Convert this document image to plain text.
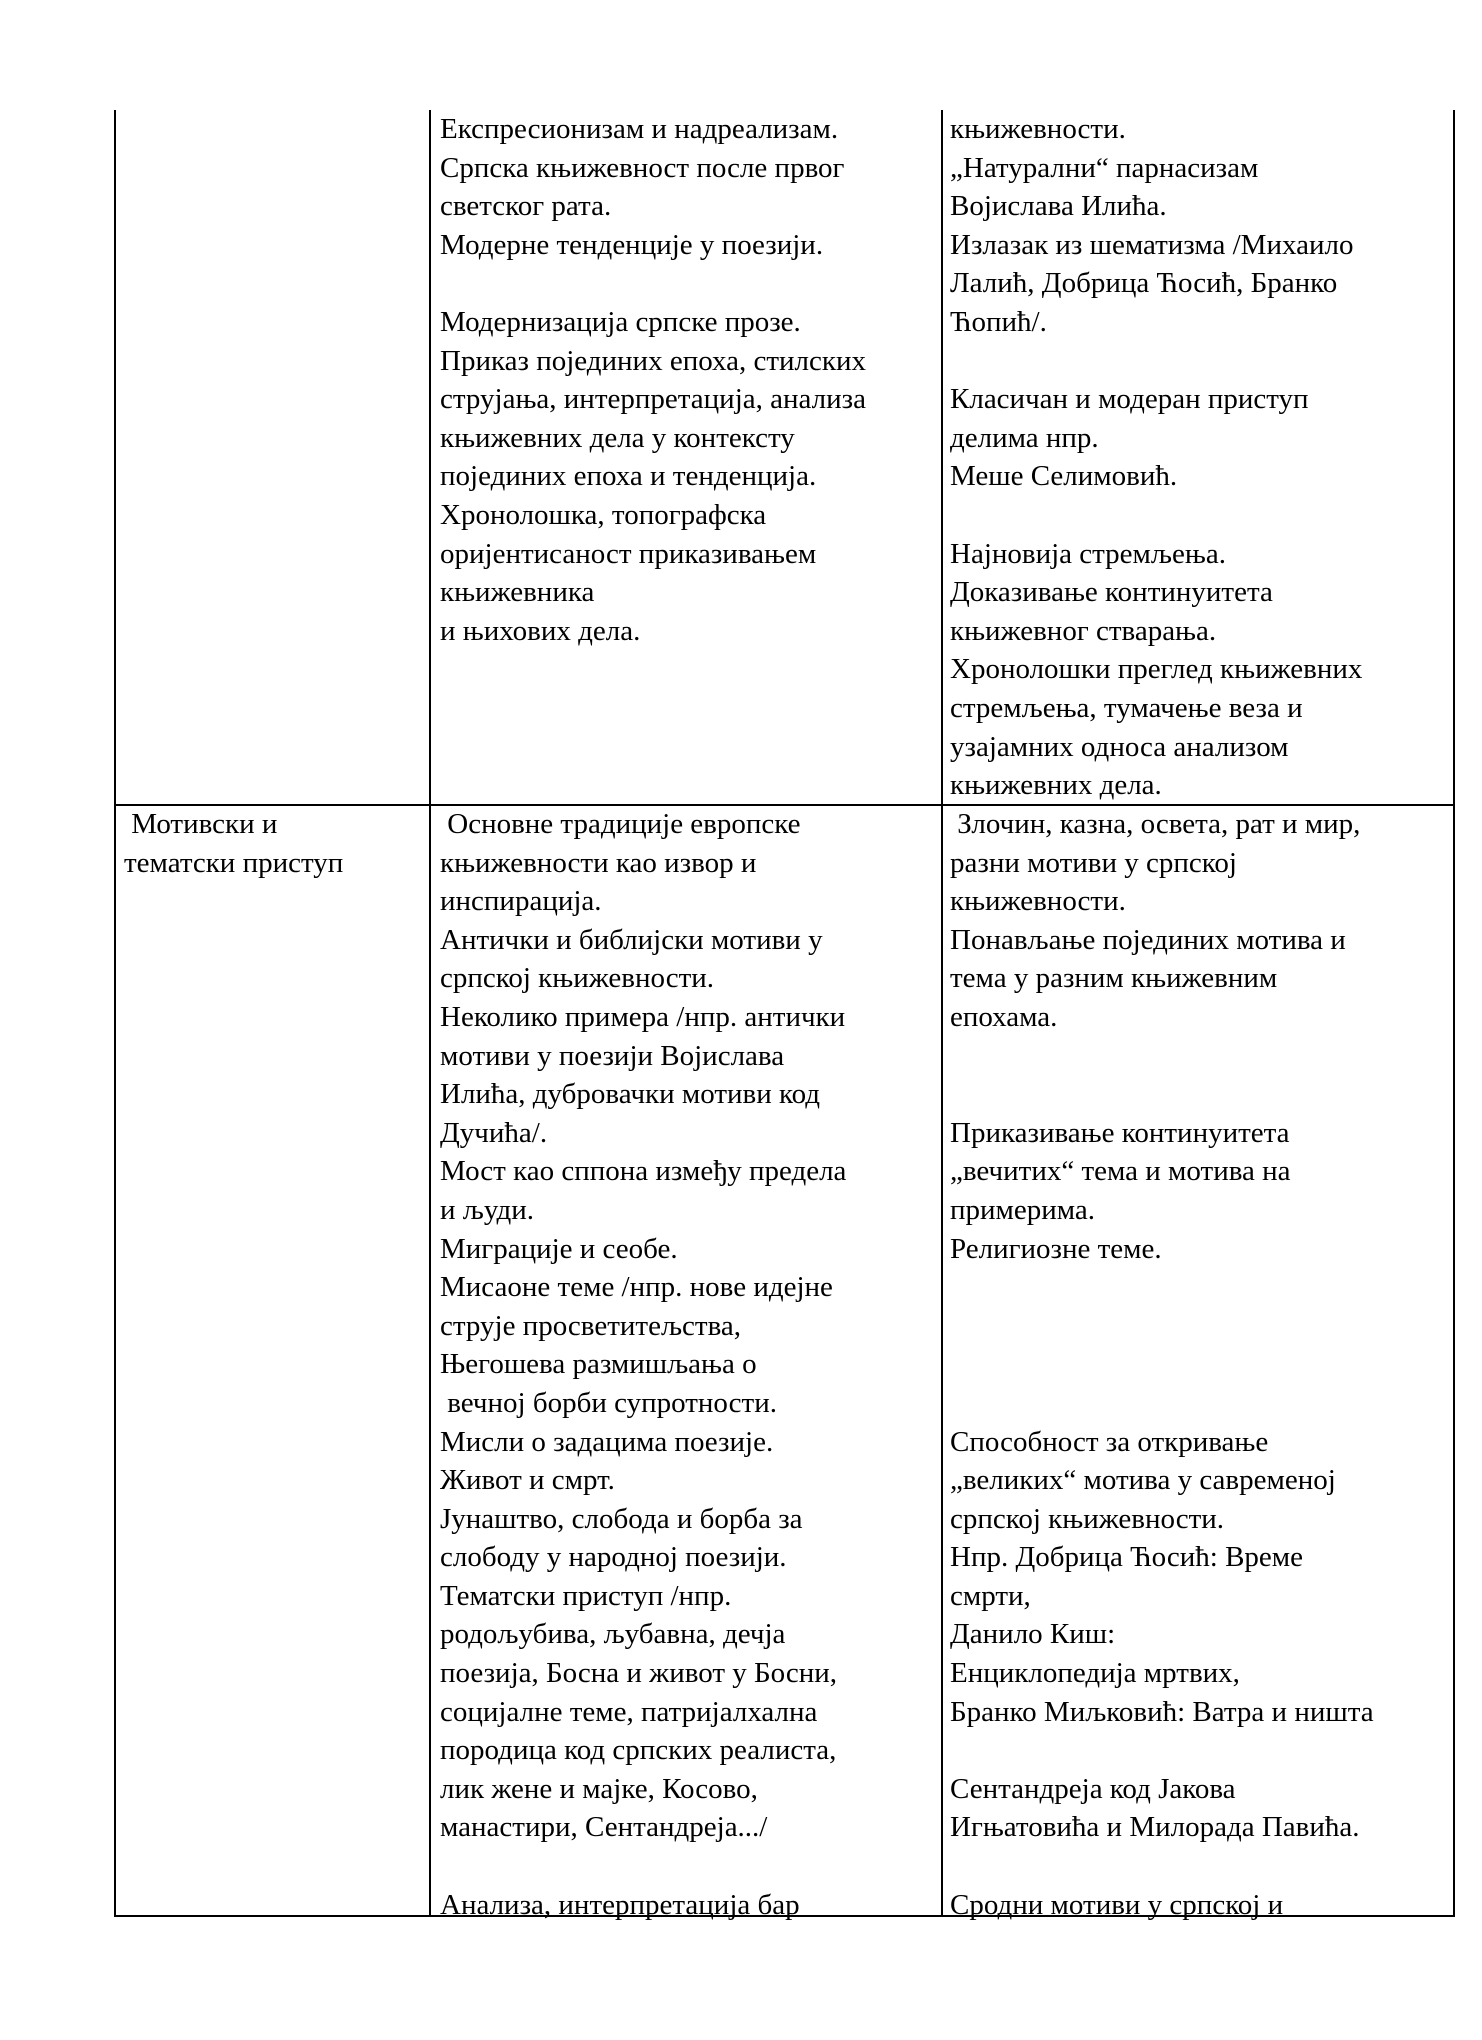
Експресионизам и надреализам.
Српска књижевност после првог
светског рата.
Модерне тенденције у поезији.
Модернизација српске прозе.
Приказ појединих епоха, стилских
струјања, интерпретација, анализа
књижевних дела у контексту
појединих епоха и тенденција.
Хронолошка, топографска
оријентисаност приказивањем
књижевника
и њихових дела.
књижевности.
„Натурални“ парнасизам
Војислава Илића.
Излазак из шематизма /Михаило
Лалић, Добрица Ћосић, Бранко
Ћопић/.
Класичан и модеран приступ
делима нпр.
Меше Селимовић.
Најновија стремљења.
Доказивање континуитета
књижевног стварања.
Хронолошки преглед књижевних
стремљења, тумачење веза и
узајамних односа анализом
књижевних дела.
Мотивски и
тематски приступ
Основне традиције европске
књижевности као извор и
инспирација.
Антички и библијски мотиви у
српској књижевности.
Неколико примера /нпр. антички
мотиви у поезији Војислава
Илића, дубровачки мотиви код
Дучића/.
Мост као сппона између предела
и људи.
Миграције и сеобе.
Мисаоне теме /нпр. нове идејне
струје просветитељства,
Његошева размишљања о
вечној борби супротности.
Мисли о задацима поезије.
Живот и смрт.
Јунаштво, слобода и борба за
слободу у народној поезији.
Тематски приступ /нпр.
родољубива, љубавна, дечја
поезија, Босна и живот у Босни,
социјалне теме, патријалхална
породица код српских реалиста,
лик жене и мајке, Косово,
манастири, Сентандреја.../
Анализа, интерпретација бар
Злочин, казна, освета, рат и мир,
разни мотиви у српској
књижевности.
Понављање појединих мотива и
тема у разним књижевним
епохама.
Приказивање континуитета
„вечитих“ тема и мотива на
примерима.
Религиозне теме.
Способност за откривање
„великих“ мотива у савременој
српској књижевности.
Нпр. Добрица Ћосић: Време
смрти,
Данило Киш:
Енциклопедија мртвих,
Бранко Миљковић: Ватра и ништа
Сентандреја код Јакова
Игњатовића и Милорада Павића.
Сродни мотиви у српској и
